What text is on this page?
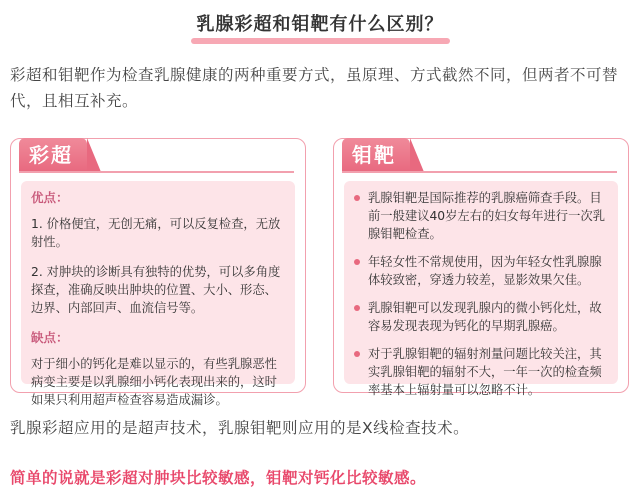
乳腺彩超和钼靶有什么区别？

彩超和钼靶作为检查乳腺健康的两种重要方式，虽原理、方式截然不同，但两者不可替代，且相互补充。

彩超
优点：

1. 价格便宜，无创无痛，可以反复检查，无放射性。

2. 对肿块的诊断具有独特的优势，可以多角度探查，准确反映出肿块的位置、大小、形态、边界、内部回声、血流信号等。

缺点：

对于细小的钙化是难以显示的，有些乳腺恶性病变主要是以乳腺细小钙化表现出来的，这时如果只利用超声检查容易造成漏诊。

钼靶
乳腺钼靶是国际推荐的乳腺癌筛查手段。目前一般建议40岁左右的妇女每年进行一次乳腺钼靶检查。
年轻女性不常规使用，因为年轻女性乳腺腺体较致密，穿透力较差，显影效果欠佳。
乳腺钼靶可以发现乳腺内的微小钙化灶，故容易发现表现为钙化的早期乳腺癌。
对于乳腺钼靶的辐射剂量问题比较关注，其实乳腺钼靶的辐射不大，一年一次的检查频率基本上辐射量可以忽略不计。

乳腺彩超应用的是超声技术，乳腺钼靶则应用的是X线检查技术。

简单的说就是彩超对肿块比较敏感，钼靶对钙化比较敏感。
